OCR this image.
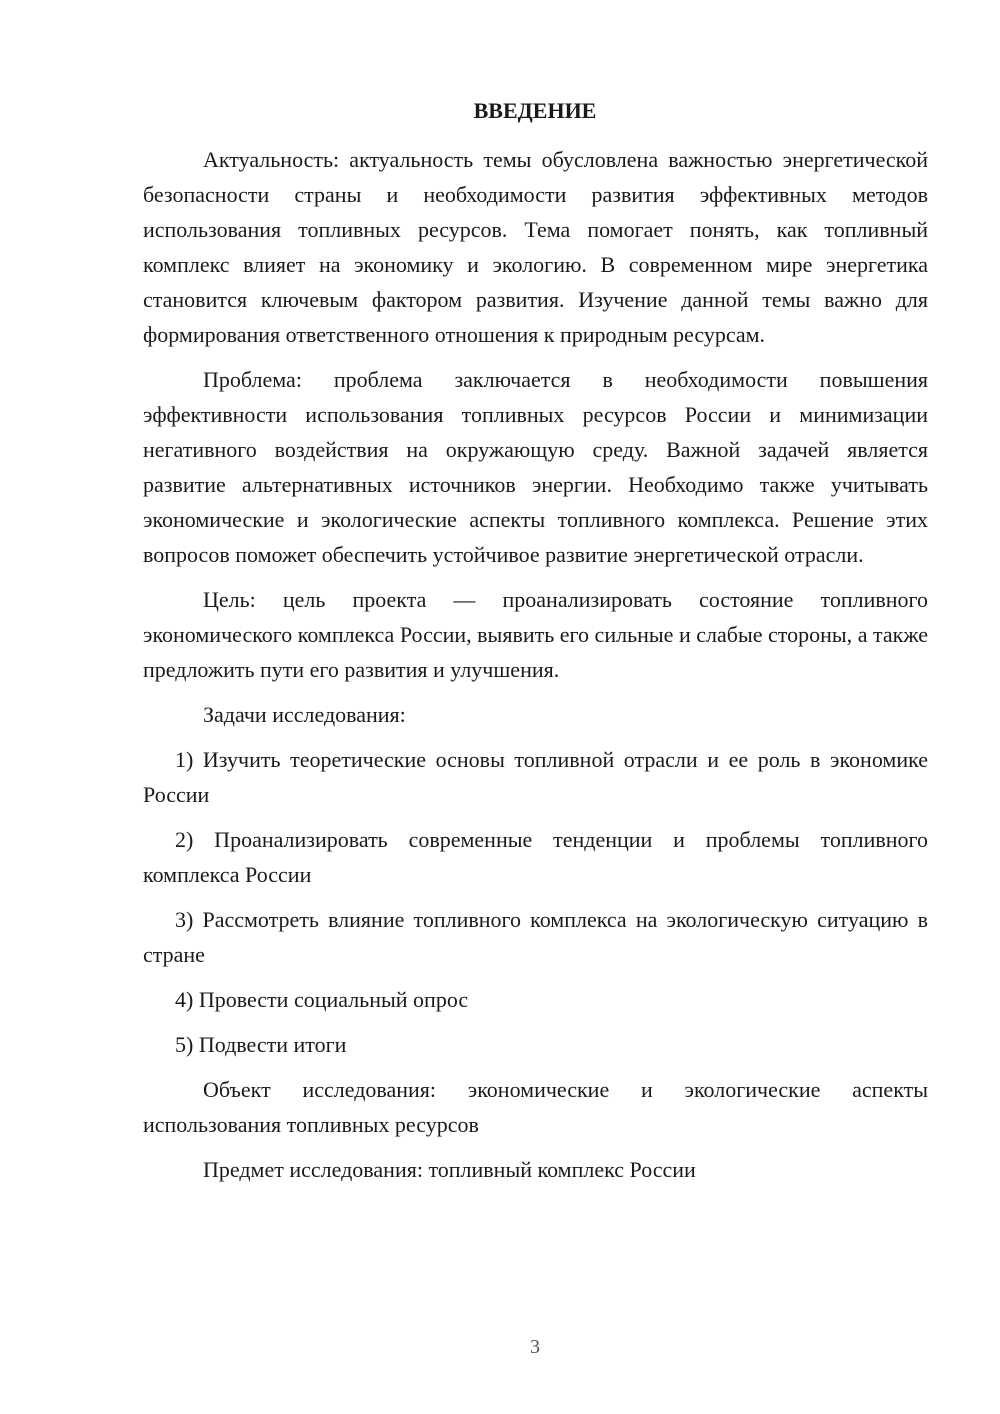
ВВЕДЕНИЕ

Актуальность: актуальность темы обусловлена важностью энергетической безопасности страны и необходимости развития эффективных методов использования топливных ресурсов. Тема помогает понять, как топливный комплекс влияет на экономику и экологию. В современном мире энергетика становится ключевым фактором развития. Изучение данной темы важно для формирования ответственного отношения к природным ресурсам.

Проблема: проблема заключается в необходимости повышения эффективности использования топливных ресурсов России и минимизации негативного воздействия на окружающую среду. Важной задачей является развитие альтернативных источников энергии. Необходимо также учитывать экономические и экологические аспекты топливного комплекса. Решение этих вопросов поможет обеспечить устойчивое развитие энергетической отрасли.

Цель: цель проекта — проанализировать состояние топливного экономического комплекса России, выявить его сильные и слабые стороны, а также предложить пути его развития и улучшения.

Задачи исследования:

1) Изучить теоретические основы топливной отрасли и ее роль в экономике России

2) Проанализировать современные тенденции и проблемы топливного комплекса России

3) Рассмотреть влияние топливного комплекса на экологическую ситуацию в стране

4) Провести социальный опрос

5) Подвести итоги

Объект исследования: экономические и экологические аспекты использования топливных ресурсов

Предмет исследования: топливный комплекс России

3
